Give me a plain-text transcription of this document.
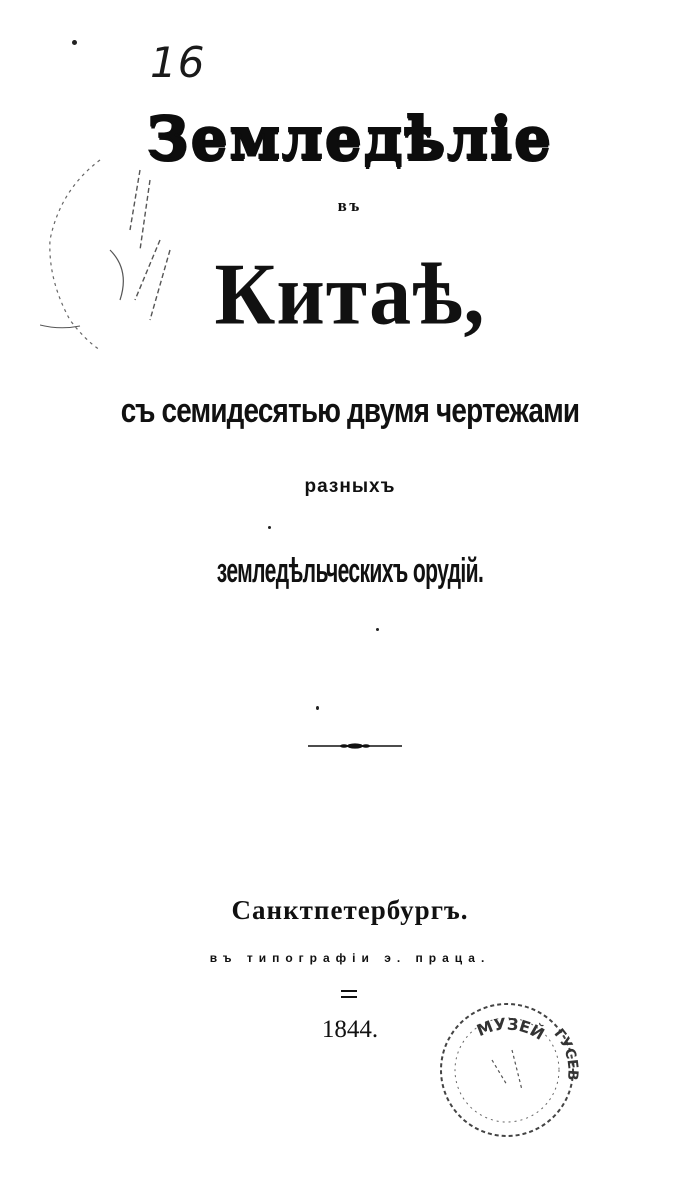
16
Земледѣліе
въ
Китаѣ,
съ семидесятью двумя чертежами
разныхъ
земледѣльческихъ орудій.
Санктпетербургъ.
въ типографіи э. праца.
1844.	МУЗЕЙ ГУСЕВ
